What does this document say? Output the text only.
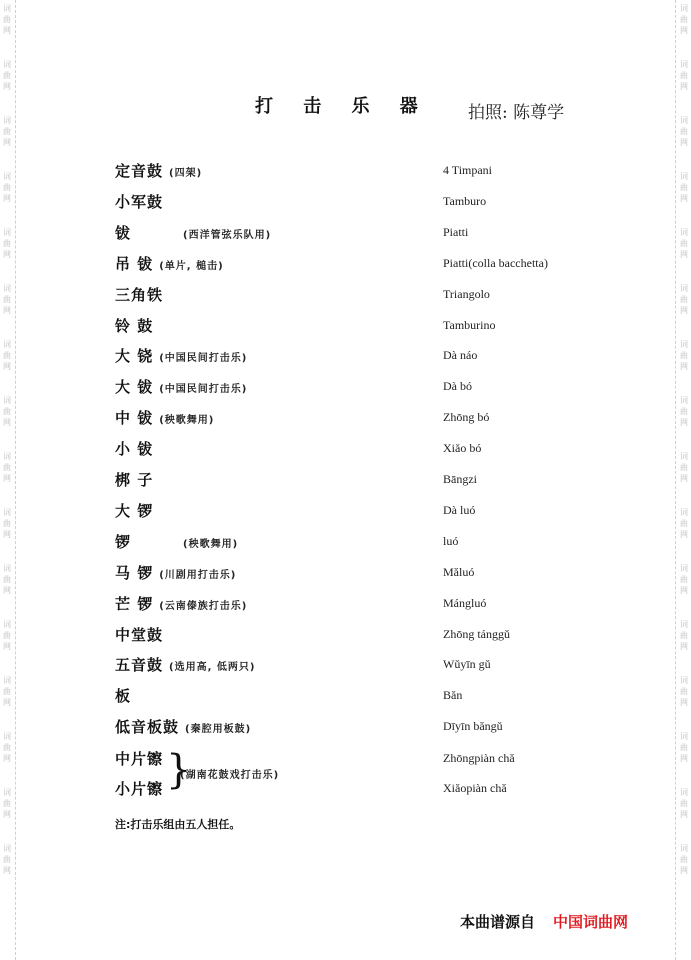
词
曲
网
词
曲
网
词
曲
网
词
曲
网
词
曲
网
词
曲
网
词
曲
网
词
曲
网
词
曲
网
词
曲
网
词
曲
网
词
曲
网
词
曲
网
词
曲
网
词
曲
网
词
曲
网
词
曲
网
词
曲
网
词
曲
网
词
曲
网
词
曲
网
词
曲
网
词
曲
网
词
曲
网
词
曲
网
词
曲
网
词
曲
网
词
曲
网
词
曲
网
词
曲
网
词
曲
网
词
曲
网
打 击 乐 器 拍照: 陈尊学
定音鼓 (四架)	4 Timpani
小军鼓	Tamburo
钹	(西洋管弦乐队用)	Piatti
吊 钹 (单片, 槌击)	Piatti(colla bacchetta)
三角铁	Triangolo
铃 鼓	Tamburino
大 铙 (中国民间打击乐)	Dà náo
大 钹 (中国民间打击乐)	Dà bó
中 钹 (秧歌舞用)	Zhōng bó
小 钹	Xiǎo bó
梆 子	Bāngzi
大 锣	Dà luó
锣	(秧歌舞用)	luó
马 锣 (川剧用打击乐)	Măluó
芒 锣 (云南傣族打击乐)	Mángluó
中堂鼓	Zhōng tánggǔ
五音鼓 (选用高, 低两只)	Wǔyīn gǔ
板	Băn
低音板鼓 (秦腔用板鼓)	Dīyīn băngǔ
中片镲	Zhōngpiàn chă
小片镲	Xiăopiàn chă
}
(湖南花鼓戏打击乐)
注:打击乐组由五人担任。
本曲谱源自 中国词曲网
